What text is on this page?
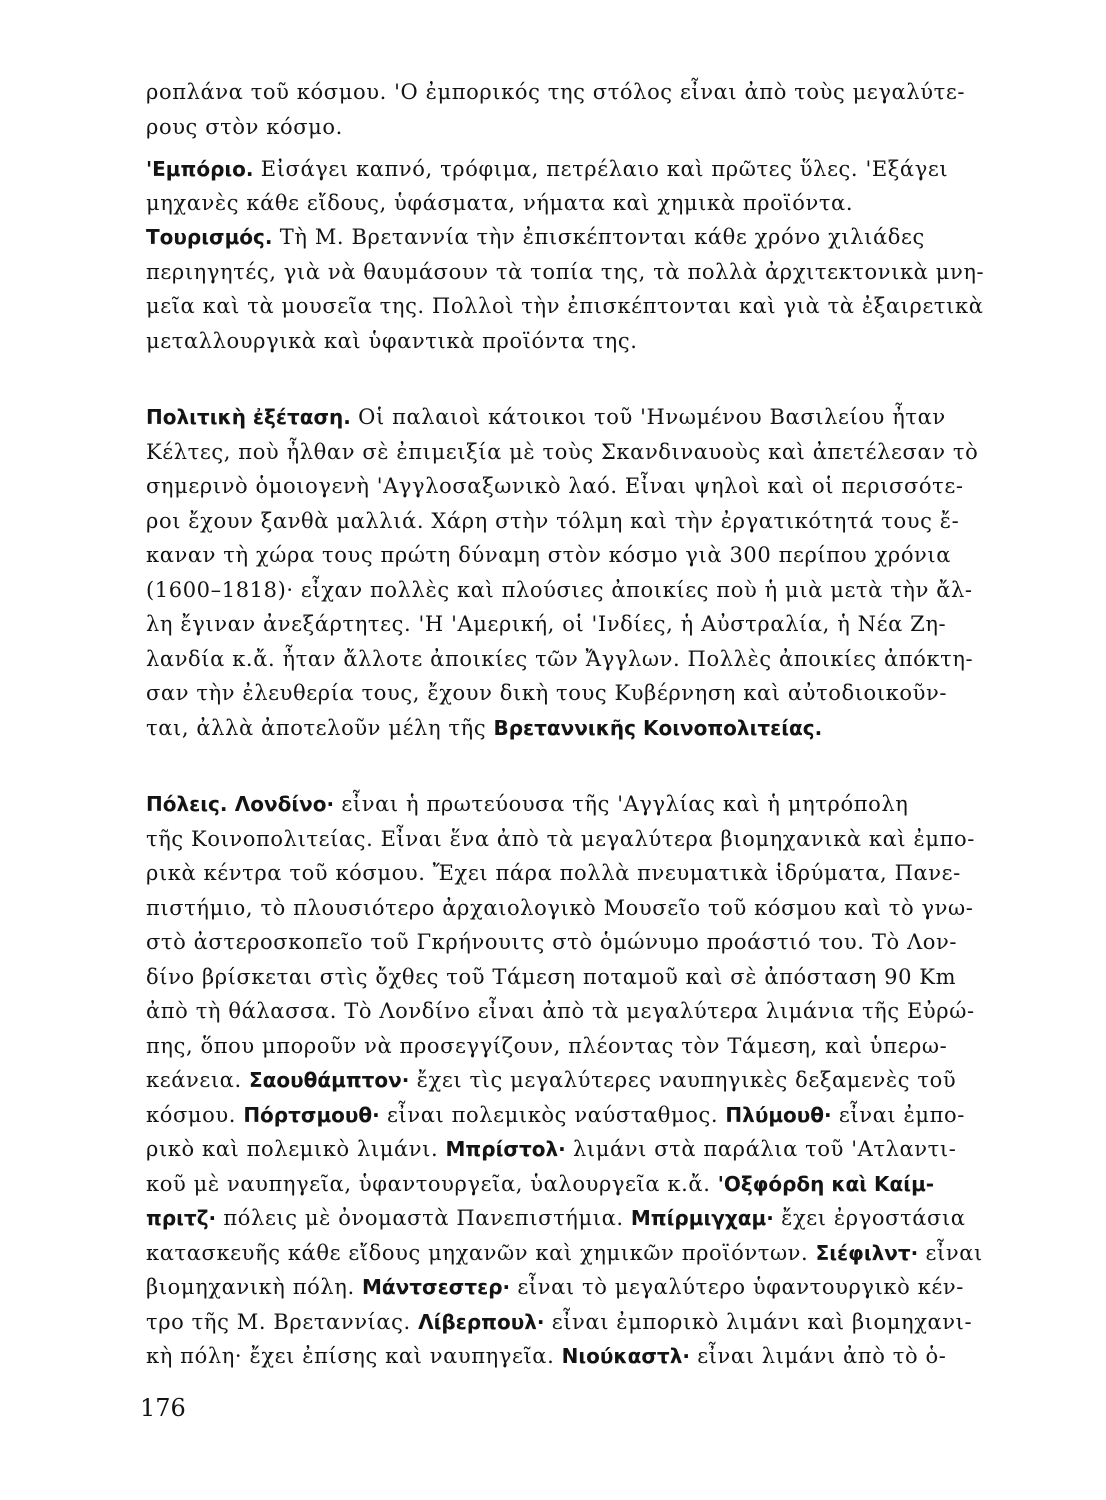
ροπλάνα τοῦ κόσμου. 'Ο ἐμπορικός της στόλος εἶναι ἀπὸ τοὺς μεγαλύτε-
ρους στὸν κόσμο.
'Εμπόριο. Εἰσάγει καπνό, τρόφιμα, πετρέλαιο καὶ πρῶτες ὕλες. 'Εξάγει
μηχανὲς κάθε εἴδους, ὑφάσματα, νήματα καὶ χημικὰ προϊόντα.
Τουρισμός. Τὴ Μ. Βρεταννία τὴν ἐπισκέπτονται κάθε χρόνο χιλιάδες
περιηγητές, γιὰ νὰ θαυμάσουν τὰ τοπία της, τὰ πολλὰ ἀρχιτεκτονικὰ μνη-
μεῖα καὶ τὰ μουσεῖα της. Πολλοὶ τὴν ἐπισκέπτονται καὶ γιὰ τὰ ἐξαιρετικὰ
μεταλλουργικὰ καὶ ὑφαντικὰ προϊόντα της.
Πολιτικὴ ἐξέταση. Οἱ παλαιοὶ κάτοικοι τοῦ 'Ηνωμένου Βασιλείου ἦταν
Κέλτες, ποὺ ἦλθαν σὲ ἐπιμειξία μὲ τοὺς Σκανδιναυοὺς καὶ ἀπετέλεσαν τὸ
σημερινὸ ὁμοιογενὴ 'Αγγλοσαξωνικὸ λαό. Εἶναι ψηλοὶ καὶ οἱ περισσότε-
ροι ἔχουν ξανθὰ μαλλιά. Χάρη στὴν τόλμη καὶ τὴν ἐργατικότητά τους ἔ-
καναν τὴ χώρα τους πρώτη δύναμη στὸν κόσμο γιὰ 300 περίπου χρόνια
(1600–1818)· εἶχαν πολλὲς καὶ πλούσιες ἀποικίες ποὺ ἡ μιὰ μετὰ τὴν ἄλ-
λη ἔγιναν ἀνεξάρτητες. 'Η 'Αμερική, οἱ 'Ινδίες, ἡ Αὐστραλία, ἡ Νέα Ζη-
λανδία κ.ἄ. ἦταν ἄλλοτε ἀποικίες τῶν Ἄγγλων. Πολλὲς ἀποικίες ἀπόκτη-
σαν τὴν ἐλευθερία τους, ἔχουν δικὴ τους Κυβέρνηση καὶ αὐτοδιοικοῦν-
ται, ἀλλὰ ἀποτελοῦν μέλη τῆς Βρεταννικῆς Κοινοπολιτείας.
Πόλεις. Λονδίνο· εἶναι ἡ πρωτεύουσα τῆς 'Αγγλίας καὶ ἡ μητρόπολη
τῆς Κοινοπολιτείας. Εἶναι ἕνα ἀπὸ τὰ μεγαλύτερα βιομηχανικὰ καὶ ἐμπο-
ρικὰ κέντρα τοῦ κόσμου. Ἔχει πάρα πολλὰ πνευματικὰ ἱδρύματα, Πανε-
πιστήμιο, τὸ πλουσιότερο ἀρχαιολογικὸ Μουσεῖο τοῦ κόσμου καὶ τὸ γνω-
στὸ ἀστεροσκοπεῖο τοῦ Γκρήνουιτς στὸ ὁμώνυμο προάστιό του. Τὸ Λον-
δίνο βρίσκεται στὶς ὄχθες τοῦ Τάμεση ποταμοῦ καὶ σὲ ἀπόσταση 90 Km
ἀπὸ τὴ θάλασσα. Τὸ Λονδίνο εἶναι ἀπὸ τὰ μεγαλύτερα λιμάνια τῆς Εὐρώ-
πης, ὅπου μποροῦν νὰ προσεγγίζουν, πλέοντας τὸν Τάμεση, καὶ ὑπερω-
κεάνεια. Σαουθάμπτον· ἔχει τὶς μεγαλύτερες ναυπηγικὲς δεξαμενὲς τοῦ
κόσμου. Πόρτσμουθ· εἶναι πολεμικὸς ναύσταθμος. Πλύμουθ· εἶναι ἐμπο-
ρικὸ καὶ πολεμικὸ λιμάνι. Μπρίστολ· λιμάνι στὰ παράλια τοῦ 'Ατλαντι-
κοῦ μὲ ναυπηγεῖα, ὑφαντουργεῖα, ὑαλουργεῖα κ.ἄ. 'Οξφόρδη καὶ Καίμ-
πριτζ· πόλεις μὲ ὀνομαστὰ Πανεπιστήμια. Μπίρμιγχαμ· ἔχει ἐργοστάσια
κατασκευῆς κάθε εἴδους μηχανῶν καὶ χημικῶν προϊόντων. Σιέφιλντ· εἶναι
βιομηχανικὴ πόλη. Μάντσεστερ· εἶναι τὸ μεγαλύτερο ὑφαντουργικὸ κέν-
τρο τῆς Μ. Βρεταννίας. Λίβερπουλ· εἶναι ἐμπορικὸ λιμάνι καὶ βιομηχανι-
κὴ πόλη· ἔχει ἐπίσης καὶ ναυπηγεῖα. Νιούκαστλ· εἶναι λιμάνι ἀπὸ τὸ ὁ-
176
